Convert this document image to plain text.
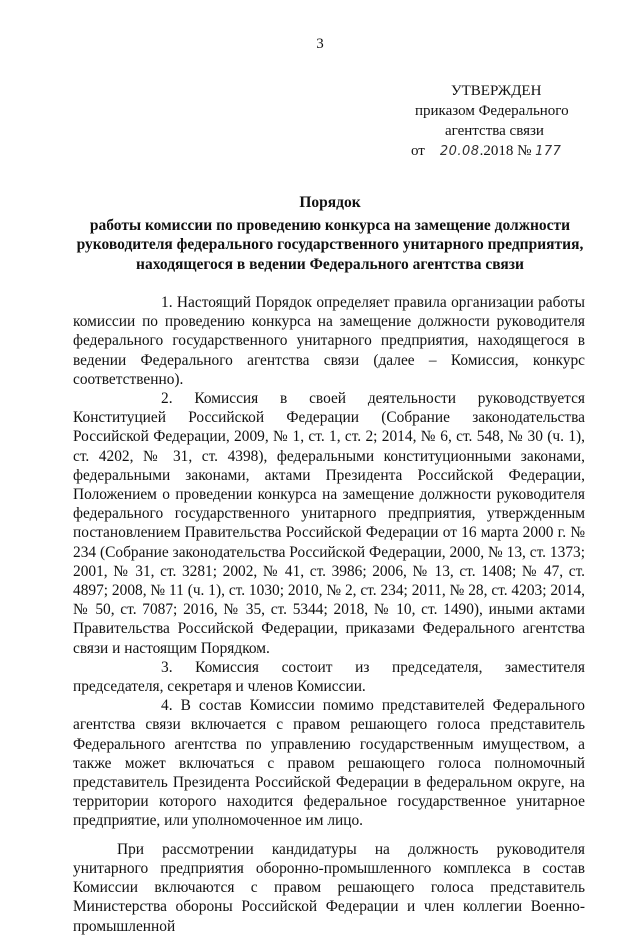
3
УТВЕРЖДЕН
приказом Федерального
агентства связи
от 20.08.2018 № 177
Порядок
работы комиссии по проведению конкурса на замещение должности
руководителя федерального государственного унитарного предприятия,
находящегося в ведении Федерального агентства связи

1. Настоящий Порядок определяет правила организации работы комиссии по проведению конкурса на замещение должности руководителя федерального государственного унитарного предприятия, находящегося в ведении Федерального агентства связи (далее – Комиссия, конкурс соответственно).

2. Комиссия в своей деятельности руководствуется Конституцией Российской Федерации (Собрание законодательства Российской Федерации, 2009, № 1, ст. 1, ст. 2; 2014, № 6, ст. 548, № 30 (ч. 1), ст. 4202, № 31, ст. 4398), федеральными конституционными законами, федеральными законами, актами Президента Российской Федерации, Положением о проведении конкурса на замещение должности руководителя федерального государственного унитарного предприятия, утвержденным постановлением Правительства Российской Федерации от 16 марта 2000 г. № 234 (Собрание законодательства Российской Федерации, 2000, № 13, ст. 1373; 2001, № 31, ст. 3281; 2002, № 41, ст. 3986; 2006, № 13, ст. 1408; № 47, ст. 4897; 2008, № 11 (ч. 1), ст. 1030; 2010, № 2, ст. 234; 2011, № 28, ст. 4203; 2014, № 50, ст. 7087; 2016, № 35, ст. 5344; 2018, № 10, ст. 1490), иными актами Правительства Российской Федерации, приказами Федерального агентства связи и настоящим Порядком.

3. Комиссия состоит из председателя, заместителя председателя, секретаря и членов Комиссии.

4. В состав Комиссии помимо представителей Федерального агентства связи включается с правом решающего голоса представитель Федерального агентства по управлению государственным имуществом, а также может включаться с правом решающего голоса полномочный представитель Президента Российской Федерации в федеральном округе, на территории которого находится федеральное государственное унитарное предприятие, или уполномоченное им лицо.

При рассмотрении кандидатуры на должность руководителя унитарного предприятия оборонно-промышленного комплекса в состав Комиссии включаются с правом решающего голоса представитель Министерства обороны Российской Федерации и член коллегии Военно-промышленной
